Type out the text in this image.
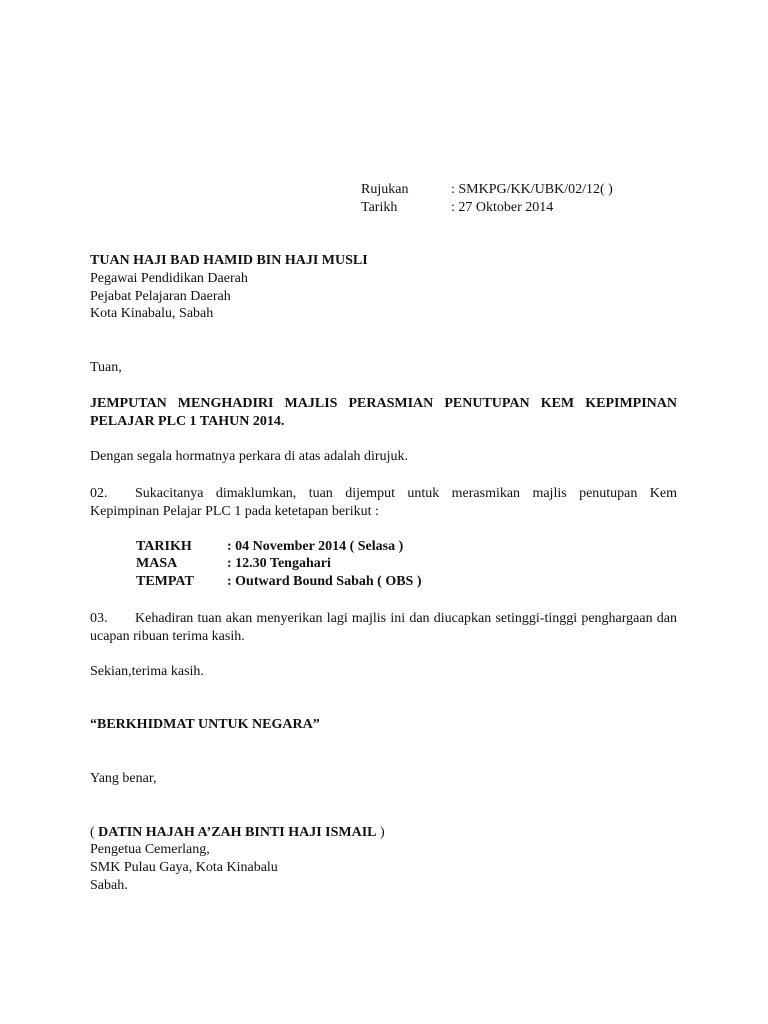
Rujukan	: SMKPG/KK/UBK/02/12( )
Tarikh	: 27 Oktober 2014
TUAN HAJI BAD HAMID BIN HAJI MUSLI
Pegawai Pendidikan Daerah
Pejabat Pelajaran Daerah
Kota Kinabalu, Sabah
Tuan,
JEMPUTAN MENGHADIRI MAJLIS PERASMIAN PENUTUPAN KEM KEPIMPINAN PELAJAR PLC 1 TAHUN 2014.
Dengan segala hormatnya perkara di atas adalah dirujuk.
02. Sukacitanya dimaklumkan, tuan dijemput untuk merasmikan majlis penutupan Kem Kepimpinan Pelajar PLC 1 pada ketetapan berikut :
TARIKH	: 04 November 2014 ( Selasa )
MASA	: 12.30 Tengahari
TEMPAT : Outward Bound Sabah ( OBS )
03. Kehadiran tuan akan menyerikan lagi majlis ini dan diucapkan setinggi-tinggi penghargaan dan ucapan ribuan terima kasih.
Sekian,terima kasih.
“BERKHIDMAT UNTUK NEGARA”
Yang benar,
( DATIN HAJAH A’ZAH BINTI HAJI ISMAIL )
Pengetua Cemerlang,
SMK Pulau Gaya, Kota Kinabalu
Sabah.
